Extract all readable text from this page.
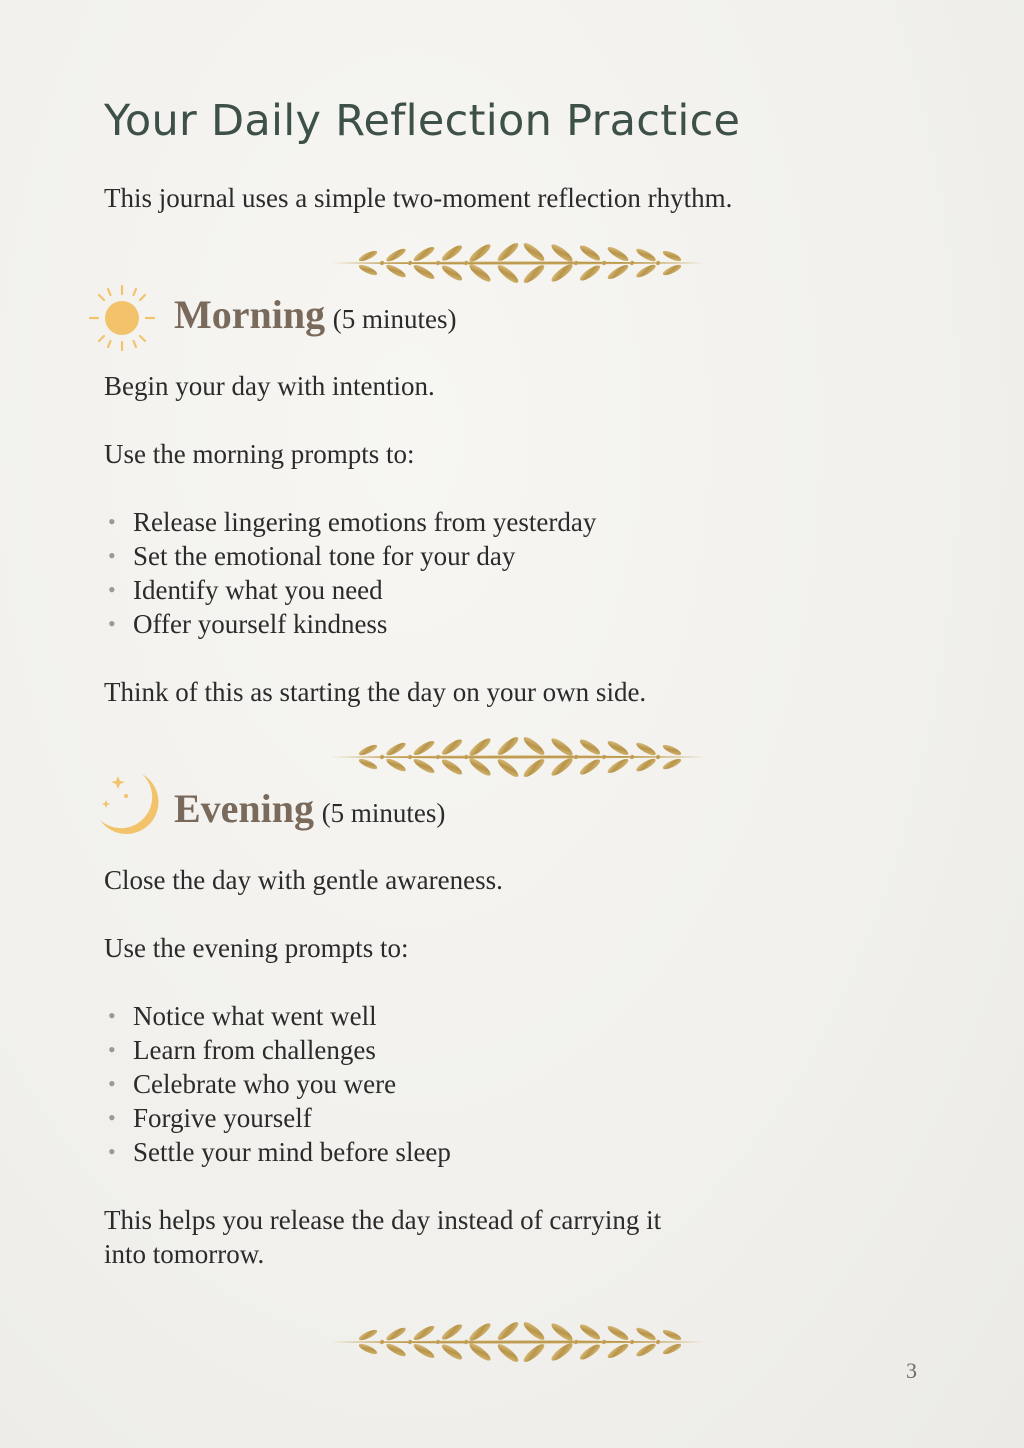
Your Daily Reflection Practice

This journal uses a simple two-moment reflection rhythm.

Morning (5 minutes)

Begin your day with intention.

Use the morning prompts to:

• Release lingering emotions from yesterday
• Set the emotional tone for your day
• Identify what you need
• Offer yourself kindness

Think of this as starting the day on your own side.

Evening (5 minutes)

Close the day with gentle awareness.

Use the evening prompts to:

• Notice what went well
• Learn from challenges
• Celebrate who you were
• Forgive yourself
• Settle your mind before sleep

This helps you release the day instead of carrying it
into tomorrow.

3
